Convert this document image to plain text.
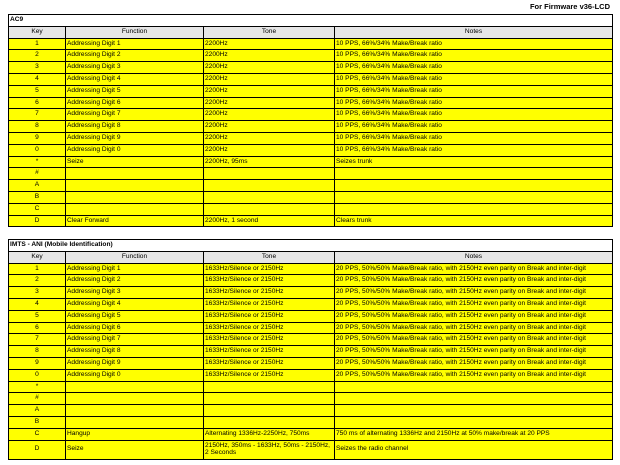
For Firmware v36-LCD
AC9			
Key	Function	Tone	Notes
1	Addressing Digit 1	2200Hz	10 PPS, 66%/34% Make/Break ratio
2	Addressing Digit 2	2200Hz	10 PPS, 66%/34% Make/Break ratio
3	Addressing Digit 3	2200Hz	10 PPS, 66%/34% Make/Break ratio
4	Addressing Digit 4	2200Hz	10 PPS, 66%/34% Make/Break ratio
5	Addressing Digit 5	2200Hz	10 PPS, 66%/34% Make/Break ratio
6	Addressing Digit 6	2200Hz	10 PPS, 66%/34% Make/Break ratio
7	Addressing Digit 7	2200Hz	10 PPS, 66%/34% Make/Break ratio
8	Addressing Digit 8	2200Hz	10 PPS, 66%/34% Make/Break ratio
9	Addressing Digit 9	2200Hz	10 PPS, 66%/34% Make/Break ratio
0	Addressing Digit 0	2200Hz	10 PPS, 66%/34% Make/Break ratio
*	Seize	2200Hz, 95ms	Seizes trunk
#			
A			
B			
C			
D	Clear Forward	2200Hz, 1 second	Clears trunk
IMTS - ANI (Mobile Identification)			
Key	Function	Tone	Notes
1	Addressing Digit 1	1633Hz/Silence or 2150Hz	20 PPS, 50%/50% Make/Break ratio, with 2150Hz even parity on Break and inter-digit
2	Addressing Digit 2	1633Hz/Silence or 2150Hz	20 PPS, 50%/50% Make/Break ratio, with 2150Hz even parity on Break and inter-digit
3	Addressing Digit 3	1633Hz/Silence or 2150Hz	20 PPS, 50%/50% Make/Break ratio, with 2150Hz even parity on Break and inter-digit
4	Addressing Digit 4	1633Hz/Silence or 2150Hz	20 PPS, 50%/50% Make/Break ratio, with 2150Hz even parity on Break and inter-digit
5	Addressing Digit 5	1633Hz/Silence or 2150Hz	20 PPS, 50%/50% Make/Break ratio, with 2150Hz even parity on Break and inter-digit
6	Addressing Digit 6	1633Hz/Silence or 2150Hz	20 PPS, 50%/50% Make/Break ratio, with 2150Hz even parity on Break and inter-digit
7	Addressing Digit 7	1633Hz/Silence or 2150Hz	20 PPS, 50%/50% Make/Break ratio, with 2150Hz even parity on Break and inter-digit
8	Addressing Digit 8	1633Hz/Silence or 2150Hz	20 PPS, 50%/50% Make/Break ratio, with 2150Hz even parity on Break and inter-digit
9	Addressing Digit 9	1633Hz/Silence or 2150Hz	20 PPS, 50%/50% Make/Break ratio, with 2150Hz even parity on Break and inter-digit
0	Addressing Digit 0	1633Hz/Silence or 2150Hz	20 PPS, 50%/50% Make/Break ratio, with 2150Hz even parity on Break and inter-digit
*			
#			
A			
B			
C	Hangup	Alternating 1336Hz-2250Hz, 750ms	750 ms of alternating 1336Hz and 2150Hz at 50% make/break at 20 PPS
D	Seize	2150Hz, 350ms - 1633Hz, 50ms - 2150Hz, 2 Seconds	Seizes the radio channel
